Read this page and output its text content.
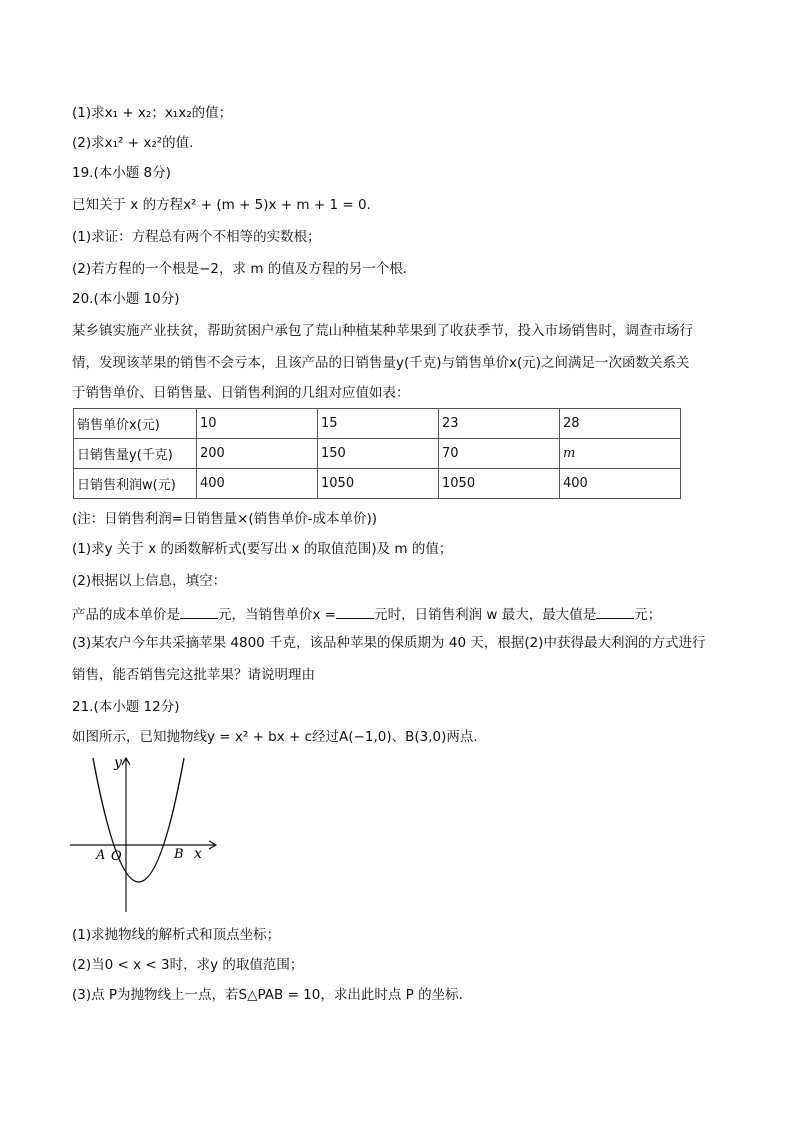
(1)求x₁ + x₂；x₁x₂的值；
(2)求x₁² + x₂²的值．
19.(本小题 8分)
已知关于 x 的方程x² + (m + 5)x + m + 1 = 0.
(1)求证：方程总有两个不相等的实数根；
(2)若方程的一个根是−2，求 m 的值及方程的另一个根.
20.(本小题 10分)
某乡镇实施产业扶贫，帮助贫困户承包了荒山种植某种苹果到了收获季节，投入市场销售时，调查市场行
情，发现该苹果的销售不会亏本，且该产品的日销售量y(千克)与销售单价x(元)之间满足一次函数关系关
于销售单价、日销售量、日销售利润的几组对应值如表：
销售单价x(元)	10	15	23	28
日销售量y(千克)	200	150	70	m
日销售利润w(元)	400	1050	1050	400
(注：日销售利润=日销售量×(销售单价-成本单价))
(1)求y 关于 x 的函数解析式(要写出 x 的取值范围)及 m 的值；
(2)根据以上信息，填空：
产品的成本单价是	元，当销售单价x =	元时，日销售利润 w 最大，最大值是	元；
(3)某农户今年共采摘苹果 4800 千克，该品种苹果的保质期为 40 天，根据(2)中获得最大利润的方式进行
销售，能否销售完这批苹果？请说明理由
21.(本小题 12分)
如图所示，已知抛物线y = x² + bx + c经过A(−1,0)、B(3,0)两点．
y
x
A O	B
(1)求抛物线的解析式和顶点坐标；
(2)当0 < x < 3时，求y 的取值范围；
(3)点 P为抛物线上一点，若S△PAB = 10，求出此时点 P 的坐标．
